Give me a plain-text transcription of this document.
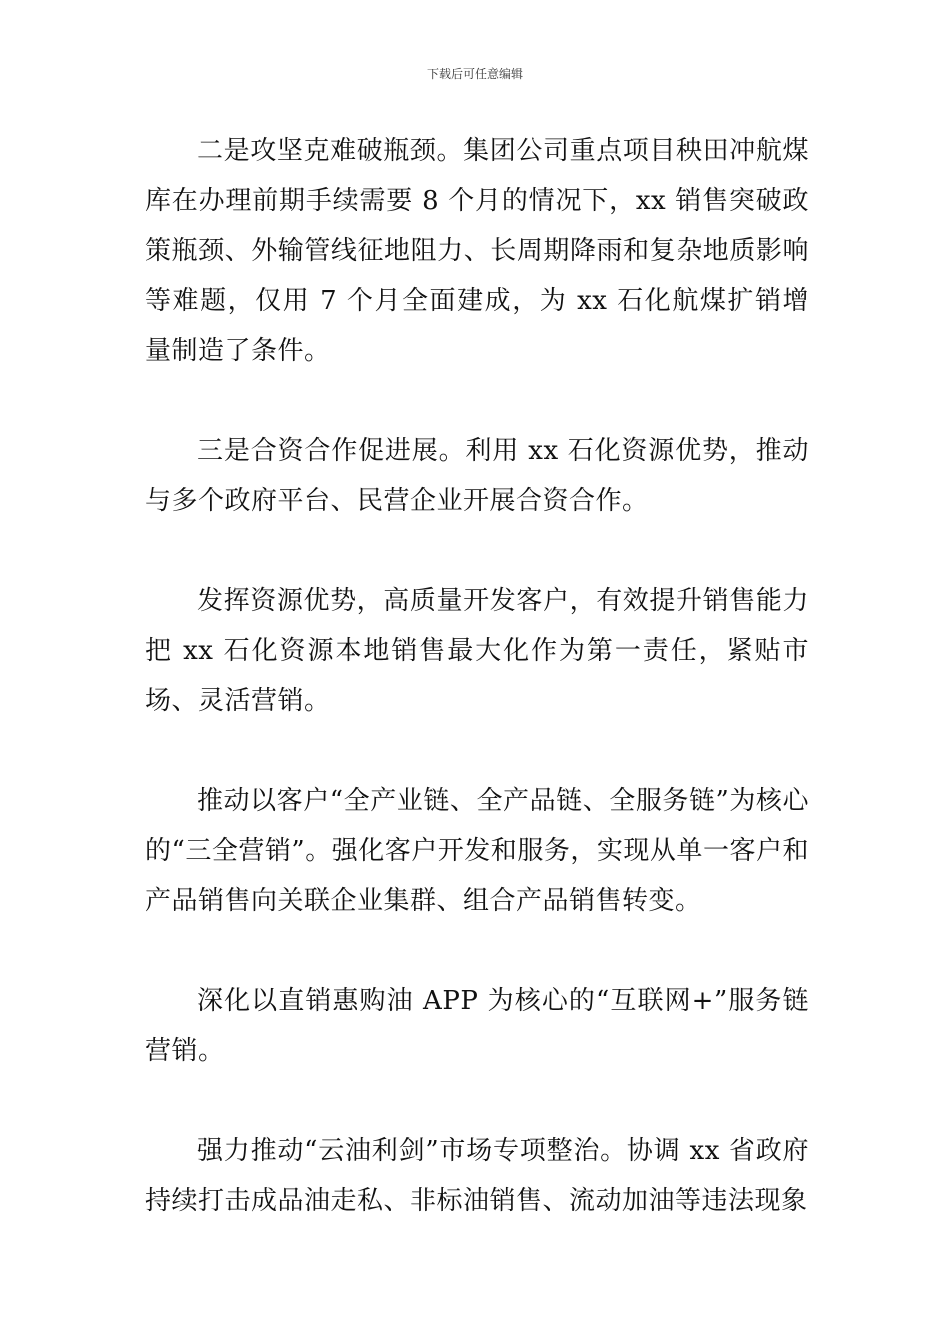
下载后可任意编辑

二是攻坚克难破瓶颈。集团公司重点项目秧田冲航煤库在办理前期手续需要 8 个月的情况下，xx 销售突破政策瓶颈、外输管线征地阻力、长周期降雨和复杂地质影响等难题，仅用 7 个月全面建成，为 xx 石化航煤扩销增量制造了条件。

三是合资合作促进展。利用 xx 石化资源优势，推动与多个政府平台、民营企业开展合资合作。

发挥资源优势，高质量开发客户，有效提升销售能力把 xx 石化资源本地销售最大化作为第一责任，紧贴市场、灵活营销。

推动以客户“全产业链、全产品链、全服务链”为核心的“三全营销”。强化客户开发和服务，实现从单一客户和产品销售向关联企业集群、组合产品销售转变。

深化以直销惠购油 APP 为核心的“互联网+”服务链营销。

强力推动“云油利剑”市场专项整治。协调 xx 省政府持续打击成品油走私、非标油销售、流动加油等违法现象
